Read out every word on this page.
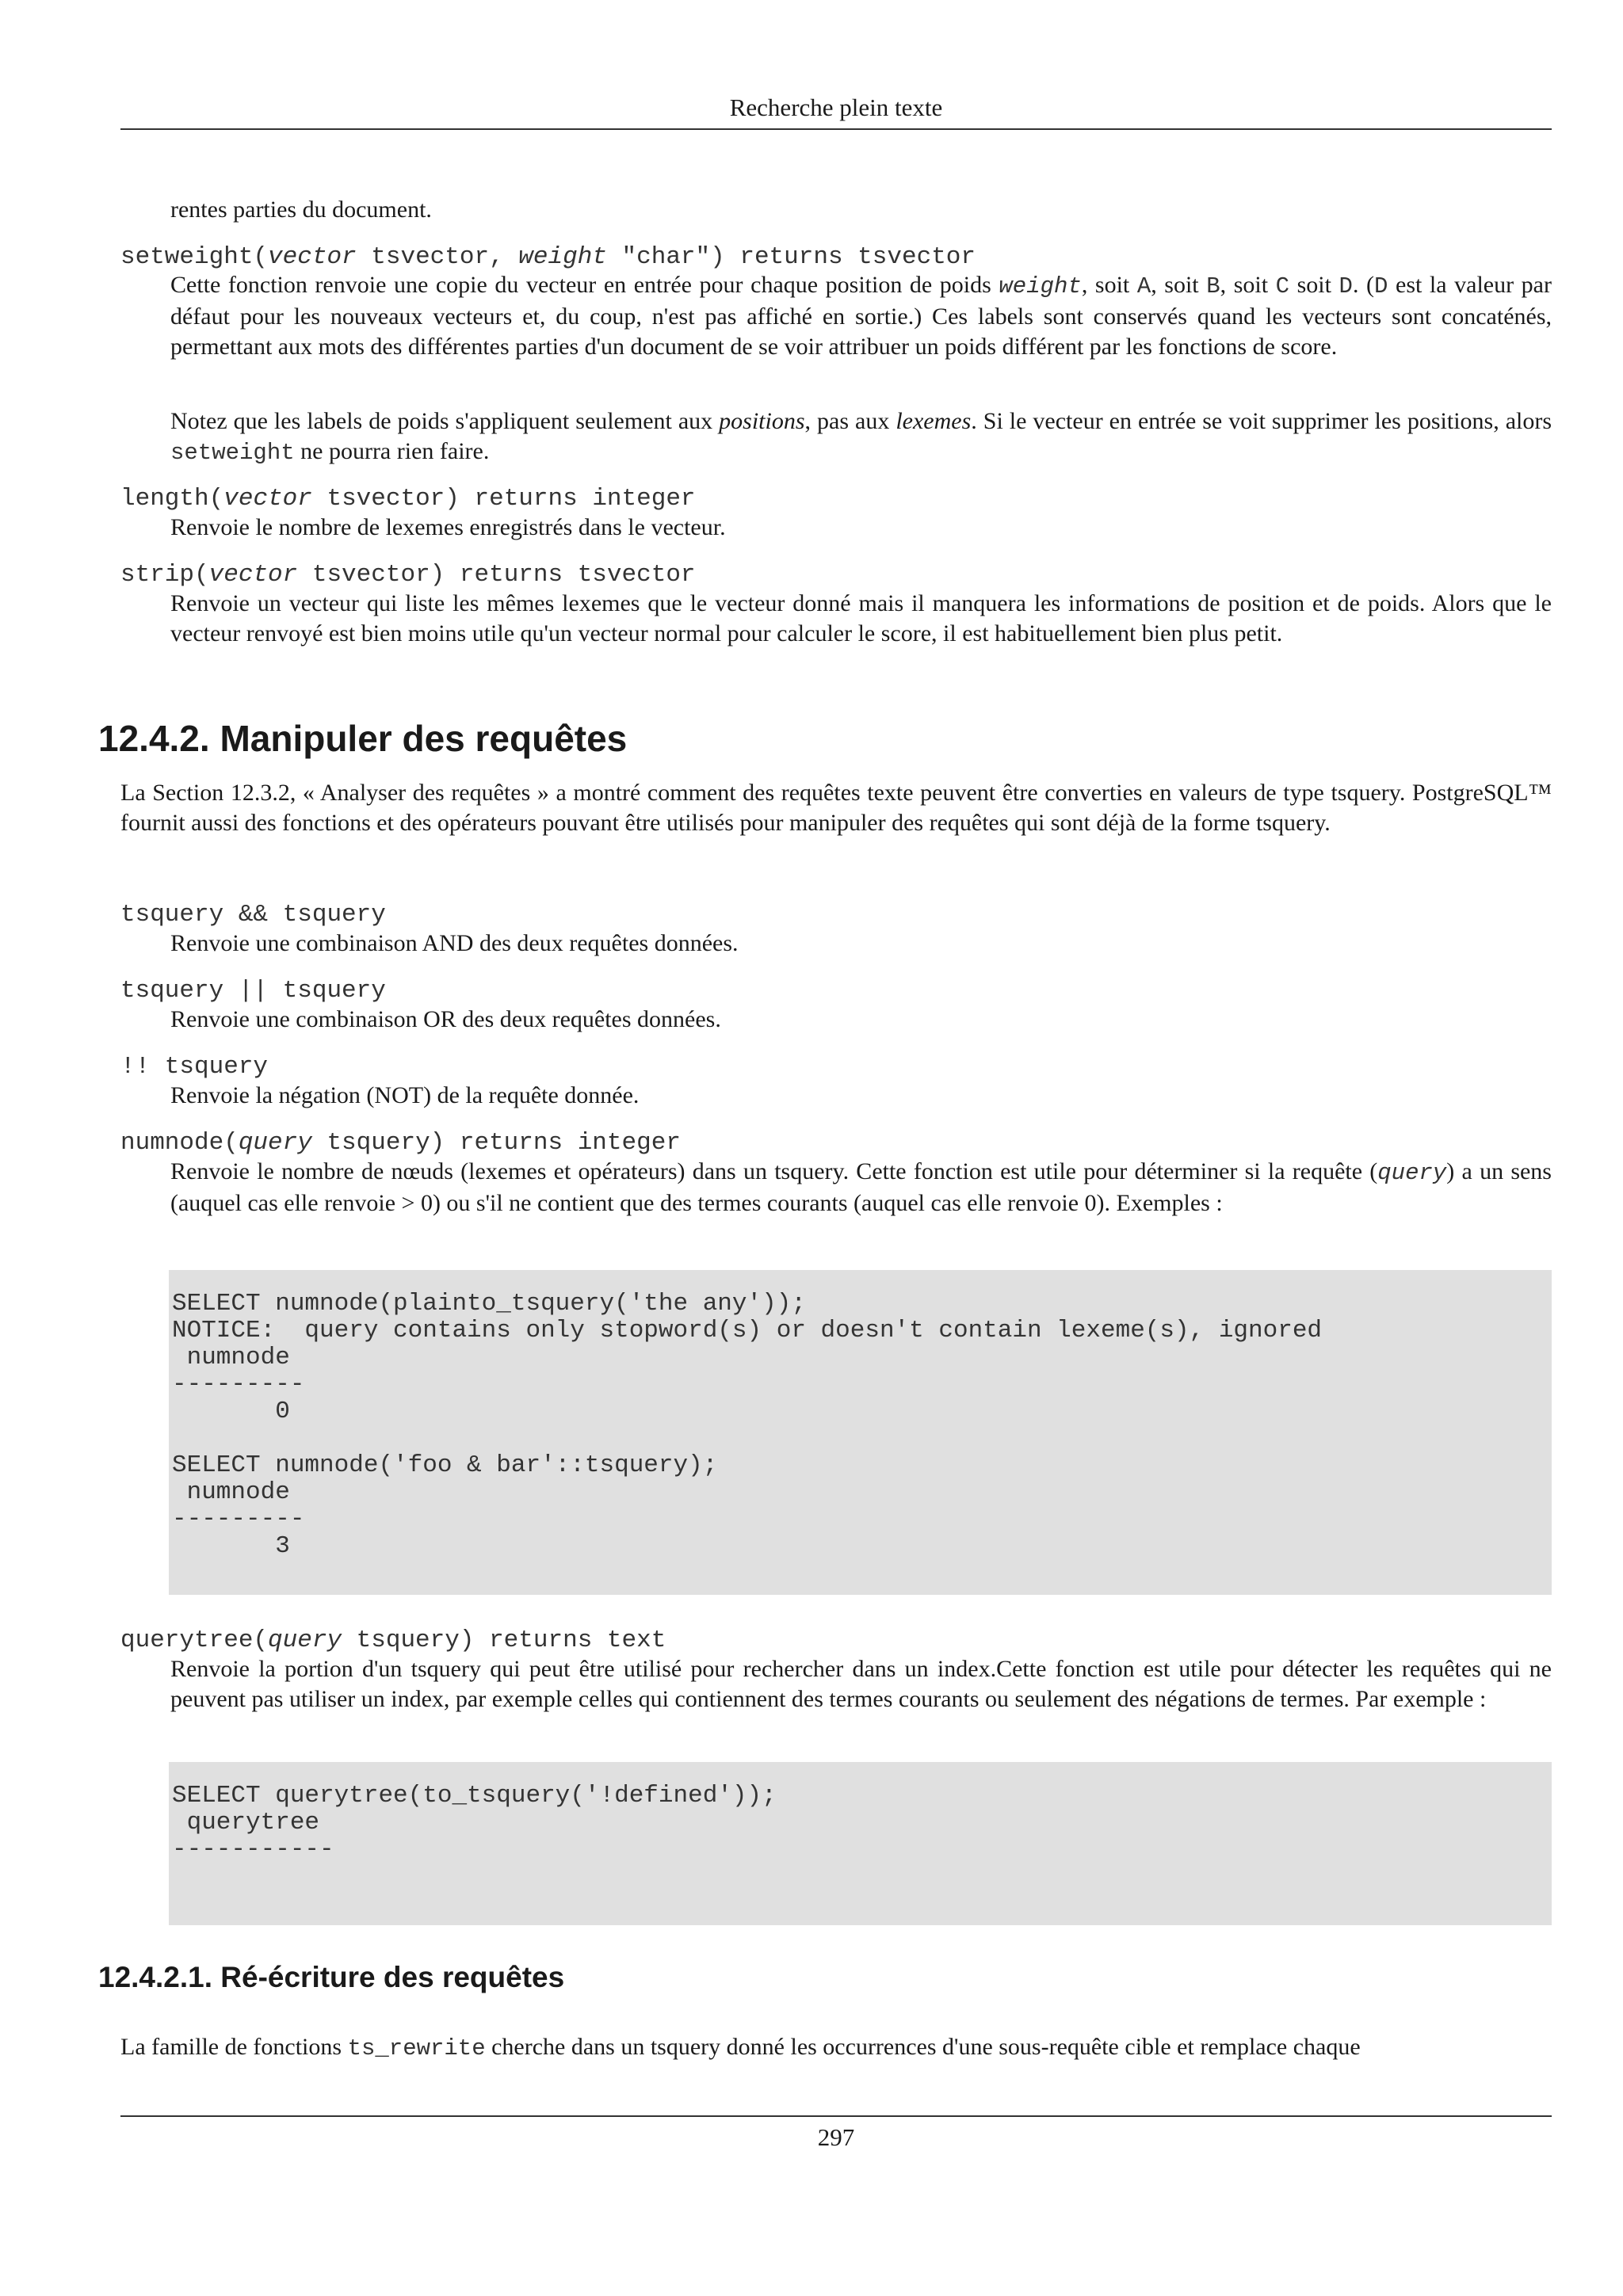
Recherche plein texte
rentes parties du document.
setweight(vector tsvector, weight "char") returns tsvector
Cette fonction renvoie une copie du vecteur en entrée pour chaque position de poids weight, soit A, soit B, soit C soit D. (D est la valeur par défaut pour les nouveaux vecteurs et, du coup, n'est pas affiché en sortie.) Ces labels sont conservés quand les vecteurs sont concaténés, permettant aux mots des différentes parties d'un document de se voir attribuer un poids différent par les fonctions de score.
Notez que les labels de poids s'appliquent seulement aux positions, pas aux lexemes. Si le vecteur en entrée se voit supprimer les positions, alors setweight ne pourra rien faire.
length(vector tsvector) returns integer
Renvoie le nombre de lexemes enregistrés dans le vecteur.
strip(vector tsvector) returns tsvector
Renvoie un vecteur qui liste les mêmes lexemes que le vecteur donné mais il manquera les informations de position et de poids. Alors que le vecteur renvoyé est bien moins utile qu'un vecteur normal pour calculer le score, il est habituellement bien plus petit.
12.4.2. Manipuler des requêtes
La Section 12.3.2, « Analyser des requêtes » a montré comment des requêtes texte peuvent être converties en valeurs de type tsquery. PostgreSQL™ fournit aussi des fonctions et des opérateurs pouvant être utilisés pour manipuler des requêtes qui sont déjà de la forme tsquery.
tsquery && tsquery
Renvoie une combinaison AND des deux requêtes données.
tsquery || tsquery
Renvoie une combinaison OR des deux requêtes données.
!! tsquery
Renvoie la négation (NOT) de la requête donnée.
numnode(query tsquery) returns integer
Renvoie le nombre de nœuds (lexemes et opérateurs) dans un tsquery. Cette fonction est utile pour déterminer si la requête (query) a un sens (auquel cas elle renvoie > 0) ou s'il ne contient que des termes courants (auquel cas elle renvoie 0). Exemples :
SELECT numnode(plainto_tsquery('the any'));
NOTICE:  query contains only stopword(s) or doesn't contain lexeme(s), ignored
numnode
---------
0

SELECT numnode('foo & bar'::tsquery);
numnode
---------
3
querytree(query tsquery) returns text
Renvoie la portion d'un tsquery qui peut être utilisé pour rechercher dans un index.Cette fonction est utile pour détecter les requêtes qui ne peuvent pas utiliser un index, par exemple celles qui contiennent des termes courants ou seulement des négations de termes. Par exemple :
SELECT querytree(to_tsquery('!defined'));
querytree
-----------
12.4.2.1. Ré-écriture des requêtes
La famille de fonctions ts_rewrite cherche dans un tsquery donné les occurrences d'une sous-requête cible et remplace chaque
297
